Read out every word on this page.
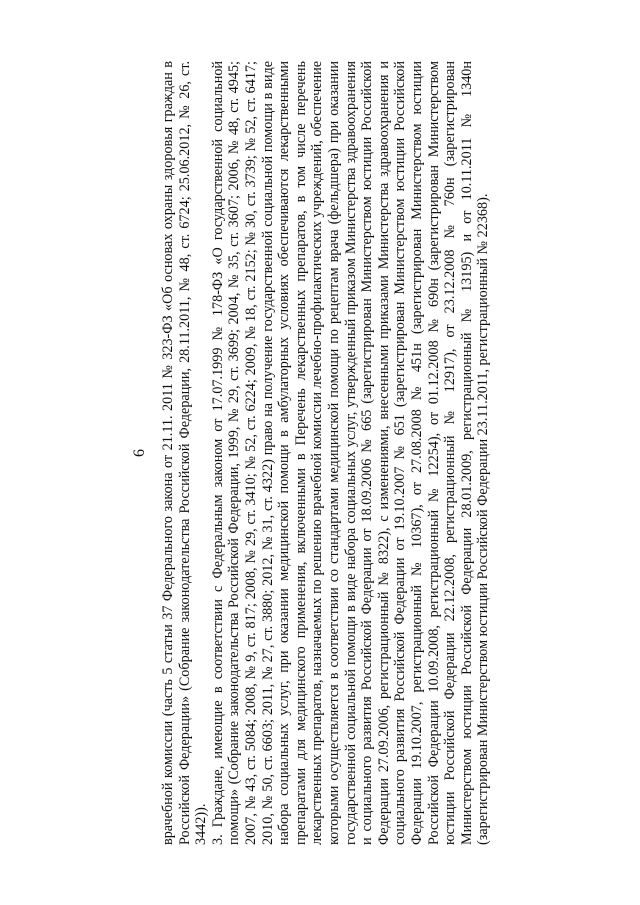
6 врачебной комиссии (часть 5 статьи 37 Федерального закона от 21.11. 2011 № 323-ФЗ «Об основах охраны здоровья граждан в Российской Федерации» (Собрание законодательства Российской Федерации, 28.11.2011, № 48, ст. 6724; 25.06.2012, № 26, ст. 3442)). 3. Граждане, имеющие в соответствии с Федеральным законом от 17.07.1999 № 178-ФЗ «О государственной социальной помощи» (Собрание законодательства Российской Федерации, 1999, № 29, ст. 3699; 2004, № 35, ст. 3607; 2006, № 48, ст. 4945; 2007, № 43, ст. 5084; 2008, № 9, ст. 817; 2008, № 29, ст. 3410; № 52, ст. 6224; 2009, № 18, ст. 2152; № 30, ст. 3739; № 52, ст. 6417; 2010, № 50, ст. 6603; 2011, № 27, ст. 3880; 2012, № 31, ст. 4322) право на получение государственной социальной помощи в виде набора социальных услуг, при оказании медицинской помощи в амбулаторных условиях обеспечиваются лекарственными препаратами для медицинского применения, включенными в Перечень лекарственных препаратов, в том числе перечень лекарственных препаратов, назначаемых по решению врачебной комиссии лечебно-профилактических учреждений, обеспечение которыми осуществляется в соответствии со стандартами медицинской помощи по рецептам врача (фельдшера) при оказании государственной социальной помощи в виде набора социальных услуг, утвержденный приказом Министерства здравоохранения и социального развития Российской Федерации от 18.09.2006 № 665 (зарегистрирован Министерством юстиции Российской Федерации 27.09.2006, регистрационный № 8322), с изменениями, внесенными приказами Министерства здравоохранения и социального развития Российской Федерации от 19.10.2007 № 651 (зарегистрирован Министерством юстиции Российской Федерации 19.10.2007, регистрационный № 10367), от 27.08.2008 № 451н (зарегистрирован Министерством юстиции Российской Федерации 10.09.2008, регистрационный № 12254), от 01.12.2008 № 690н (зарегистрирован Министерством юстиции Российской Федерации 22.12.2008, регистрационный № 12917), от 23.12.2008 № 760н (зарегистрирован Министерством юстиции Российской Федерации 28.01.2009, регистрационный № 13195) и от 10.11.2011 № 1340н (зарегистрирован Министерством юстиции Российской Федерации 23.11.2011, регистрационный № 22368).
